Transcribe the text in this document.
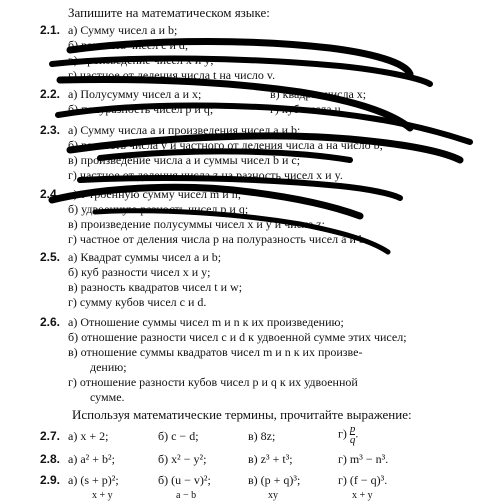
Запишите на математическом языке:
2.1. а) Сумму чисел a и b;
б) разность чисел c и d;
в) произведение чисел x и y;
г) частное от деления числа t на число v.
2.2. а) Полусумму чисел a и x;	в) квадрат числа x;
б) полуразность чисел p и q;	г) куб числа u.
2.3. а) Сумму числа a и произведения чисел a и b;
б) разность числа y и частного от деления числа a на число b;
в) произведение числа a и суммы чисел b и c;
г) частное от деления числа z на разность чисел x и y.
2.4. а) Утроенную сумму чисел m и n;
б) удвоенную разность чисел p и q;
в) произведение полусуммы чисел x и y и числа z;
г) частное от деления числа p на полуразность чисел a и b.
2.5. а) Квадрат суммы чисел a и b;
б) куб разности чисел x и y;
в) разность квадратов чисел t и w;
г) сумму кубов чисел c и d.
2.6. а) Отношение суммы чисел m и n к их произведению;
б) отношение разности чисел c и d к удвоенной сумме этих чисел;
в) отношение суммы квадратов чисел m и n к их произве-
дению;
г) отношение разности кубов чисел p и q к их удвоенной
сумме.
Используя математические термины, прочитайте выражение:
2.7. а) x + 2;	б) c − d;	в) 8z;	$г) \frac{p}{q}$ .
2.8. а) a² + b²;	б) x² − y²;	в) z³ + t³;	г) m³ − n³.
2.9. а) (s + p)²;	б) (u − v)²;	в) (p + q)³;	г) (f − q)³.
x + y	a − b	xy	x + y
